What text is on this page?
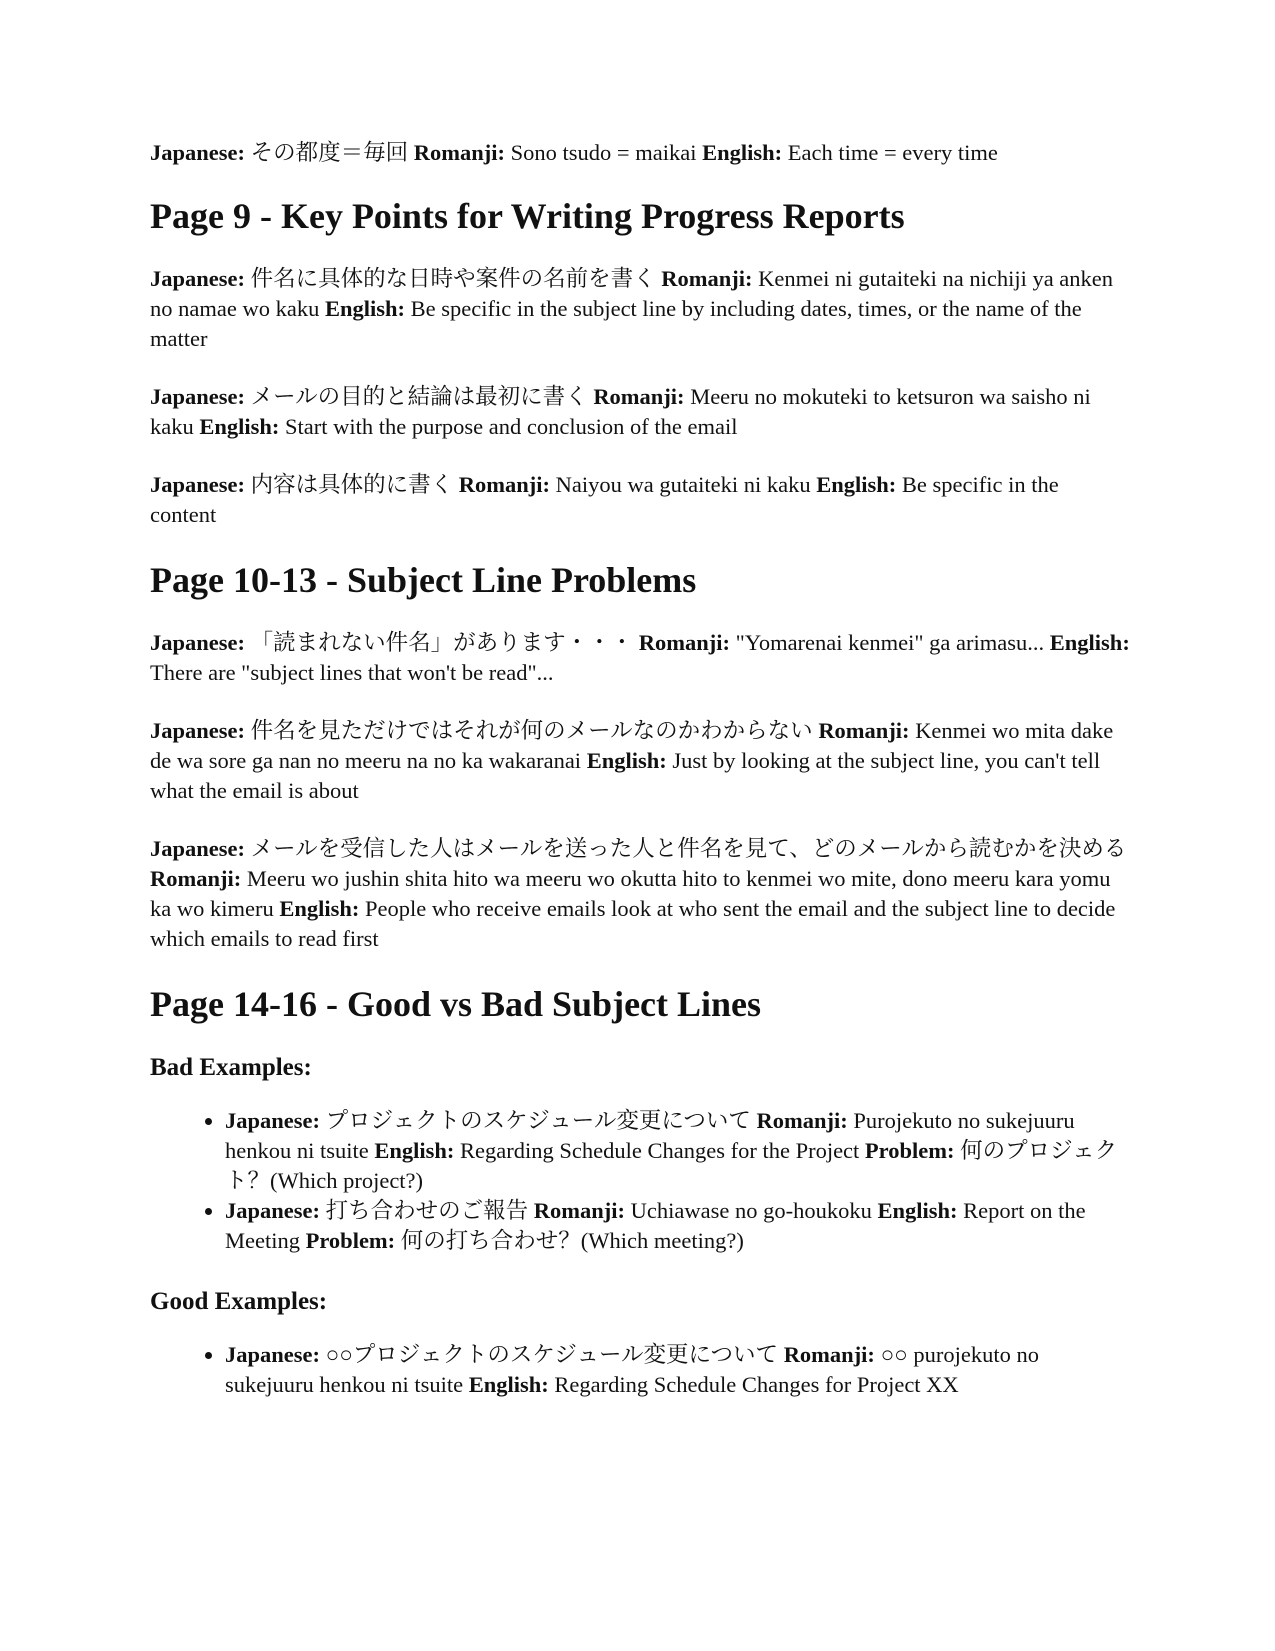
Japanese: その都度＝毎回 Romanji: Sono tsudo = maikai English: Each time = every time

Page 9 - Key Points for Writing Progress Reports

Japanese: 件名に具体的な日時や案件の名前を書く Romanji: Kenmei ni gutaiteki na nichiji ya anken no namae wo kaku English: Be specific in the subject line by including dates, times, or the name of the matter

Japanese: メールの目的と結論は最初に書く Romanji: Meeru no mokuteki to ketsuron wa saisho ni kaku English: Start with the purpose and conclusion of the email

Japanese: 内容は具体的に書く Romanji: Naiyou wa gutaiteki ni kaku English: Be specific in the content

Page 10-13 - Subject Line Problems

Japanese: 「読まれない件名」があります・・・ Romanji: "Yomarenai kenmei" ga arimasu... English: There are "subject lines that won't be read"...

Japanese: 件名を見ただけではそれが何のメールなのかわからない Romanji: Kenmei wo mita dake de wa sore ga nan no meeru na no ka wakaranai English: Just by looking at the subject line, you can't tell what the email is about

Japanese: メールを受信した人はメールを送った人と件名を見て、どのメールから読むかを決める Romanji: Meeru wo jushin shita hito wa meeru wo okutta hito to kenmei wo mite, dono meeru kara yomu ka wo kimeru English: People who receive emails look at who sent the email and the subject line to decide which emails to read first

Page 14-16 - Good vs Bad Subject Lines
Bad Examples:
• Japanese: プロジェクトのスケジュール変更について Romanji: Purojekuto no sukejuuru henkou ni tsuite English: Regarding Schedule Changes for the Project Problem: 何のプロジェクト？(Which project?)
• Japanese: 打ち合わせのご報告 Romanji: Uchiawase no go-houkoku English: Report on the Meeting Problem: 何の打ち合わせ？(Which meeting?)
Good Examples:
• Japanese: ○○プロジェクトのスケジュール変更について Romanji: ○○ purojekuto no sukejuuru henkou ni tsuite English: Regarding Schedule Changes for Project XX
